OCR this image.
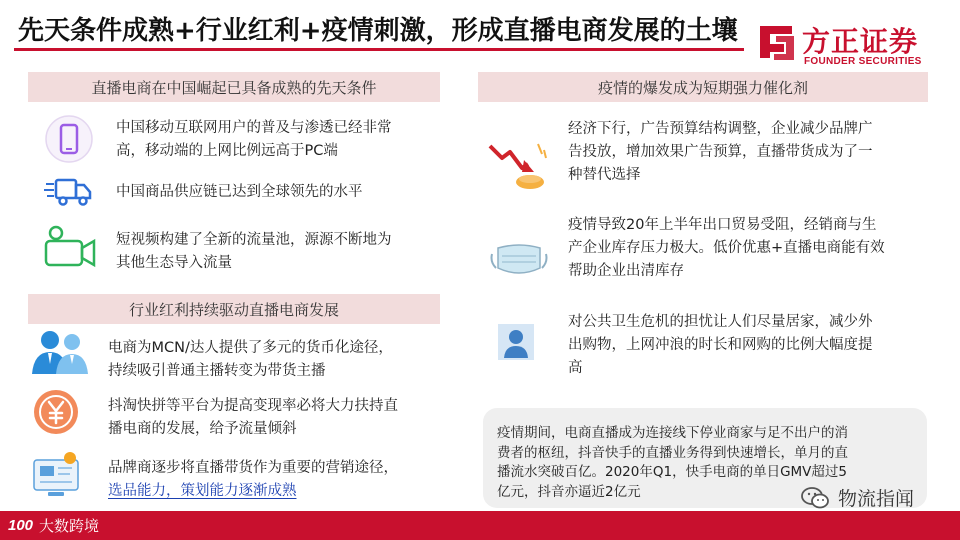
先天条件成熟+行业红利+疫情刺激，形成直播电商发展的土壤 方正证券
FOUNDER SECURITIES
直播电商在中国崛起已具备成熟的先天条件
中国移动互联网用户的普及与渗透已经非常
高，移动端的上网比例远高于PC端
中国商品供应链已达到全球领先的水平
短视频构建了全新的流量池，源源不断地为
其他生态导入流量
行业红利持续驱动直播电商发展
电商为MCN/达人提供了多元的货币化途径，
持续吸引普通主播转变为带货主播
抖淘快拼等平台为提高变现率必将大力扶持直
播电商的发展，给予流量倾斜
品牌商逐步将直播带货作为重要的营销途径，
选品能力，策划能力逐渐成熟
疫情的爆发成为短期强力催化剂
经济下行，广告预算结构调整，企业减少品牌广
告投放，增加效果广告预算，直播带货成为了一
种替代选择
疫情导致20年上半年出口贸易受阻，经销商与生
产企业库存压力极大。低价优惠+直播电商能有效
帮助企业出清库存
对公共卫生危机的担忧让人们尽量居家，减少外
出购物，上网冲浪的时长和网购的比例大幅度提
高
疫情期间，电商直播成为连接线下停业商家与足不出户的消
费者的枢纽，抖音快手的直播业务得到快速增长，单月的直
播流水突破百亿。2020年Q1，快手电商的单日GMV超过5
亿元，抖音亦逼近2亿元	物流指闻
100 大数跨境
